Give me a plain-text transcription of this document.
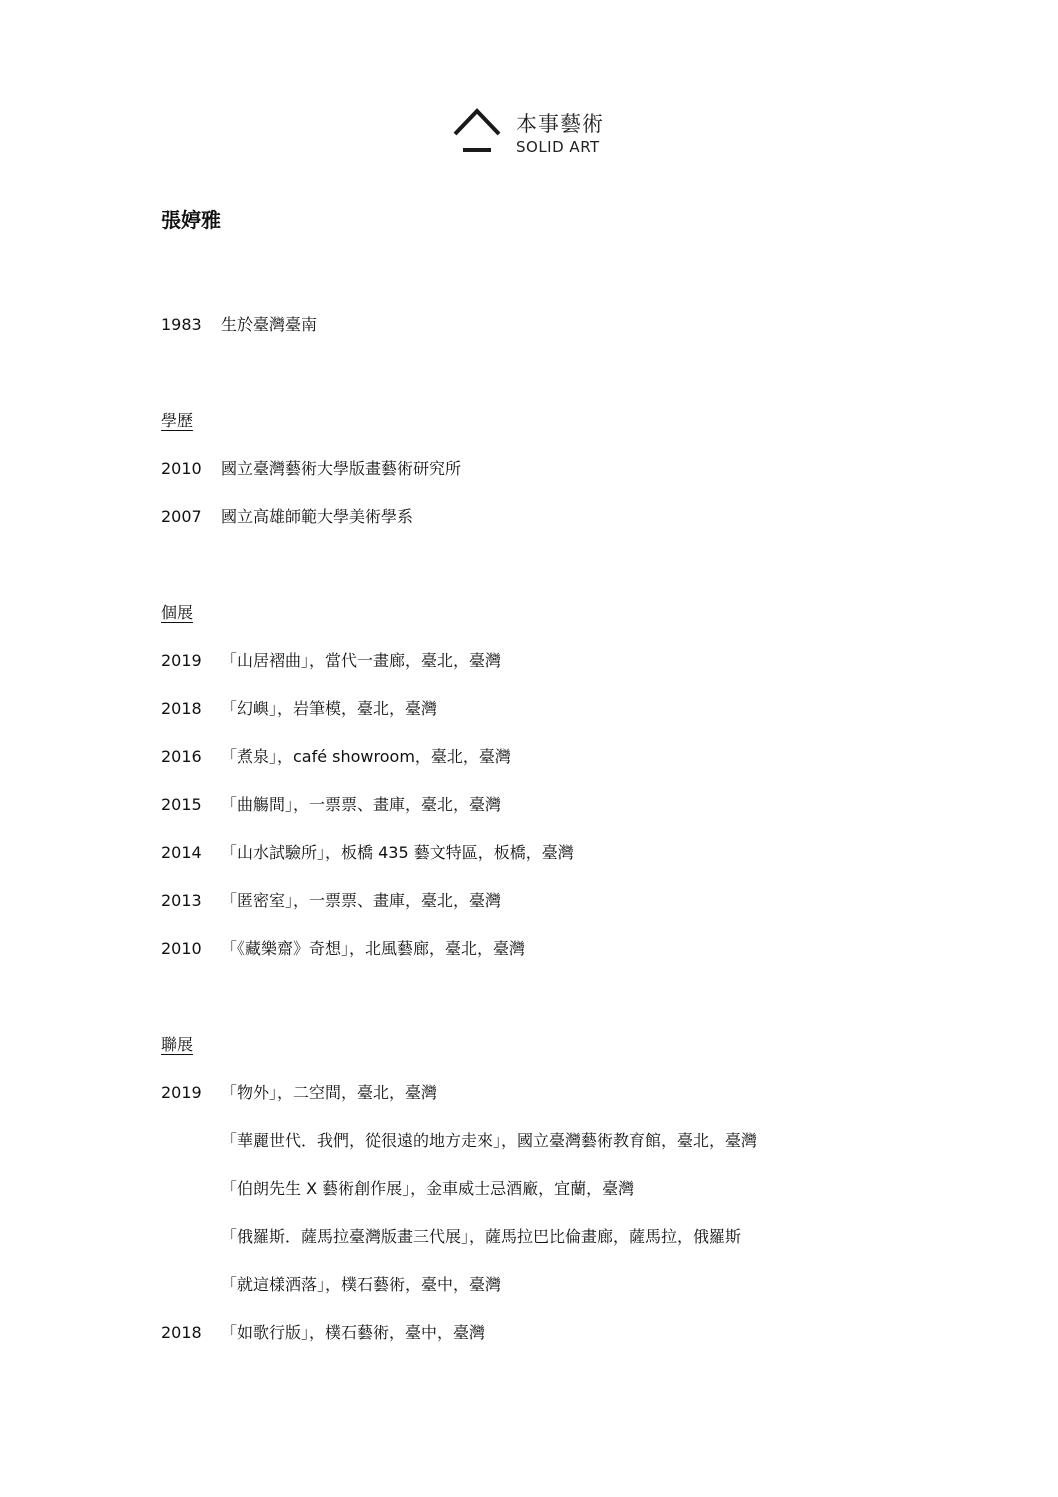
本事藝術
SOLID ART
張婷雅
1983 生於臺灣臺南
學歷
2010 國立臺灣藝術大學版畫藝術研究所
2007 國立高雄師範大學美術學系
個展
2019 「山居褶曲」，當代一畫廊，臺北，臺灣
2018 「幻嶼」，岩筆模，臺北，臺灣
2016 「煮泉」，café showroom，臺北，臺灣
2015 「曲觴間」，一票票、畫庫，臺北，臺灣
2014 「山水試驗所」，板橋 435 藝文特區，板橋，臺灣
2013 「匿密室」，一票票、畫庫，臺北，臺灣
2010 「《藏樂齋》奇想」，北風藝廊，臺北，臺灣
聯展
2019 「物外」，二空間，臺北，臺灣
「華麗世代．我們，從很遠的地方走來」，國立臺灣藝術教育館，臺北，臺灣
「伯朗先生 X 藝術創作展」，金車威士忌酒廠，宜蘭，臺灣
「俄羅斯．薩馬拉臺灣版畫三代展」，薩馬拉巴比倫畫廊，薩馬拉，俄羅斯
「就這樣洒落」，樸石藝術，臺中，臺灣
2018 「如歌行版」，樸石藝術，臺中，臺灣
